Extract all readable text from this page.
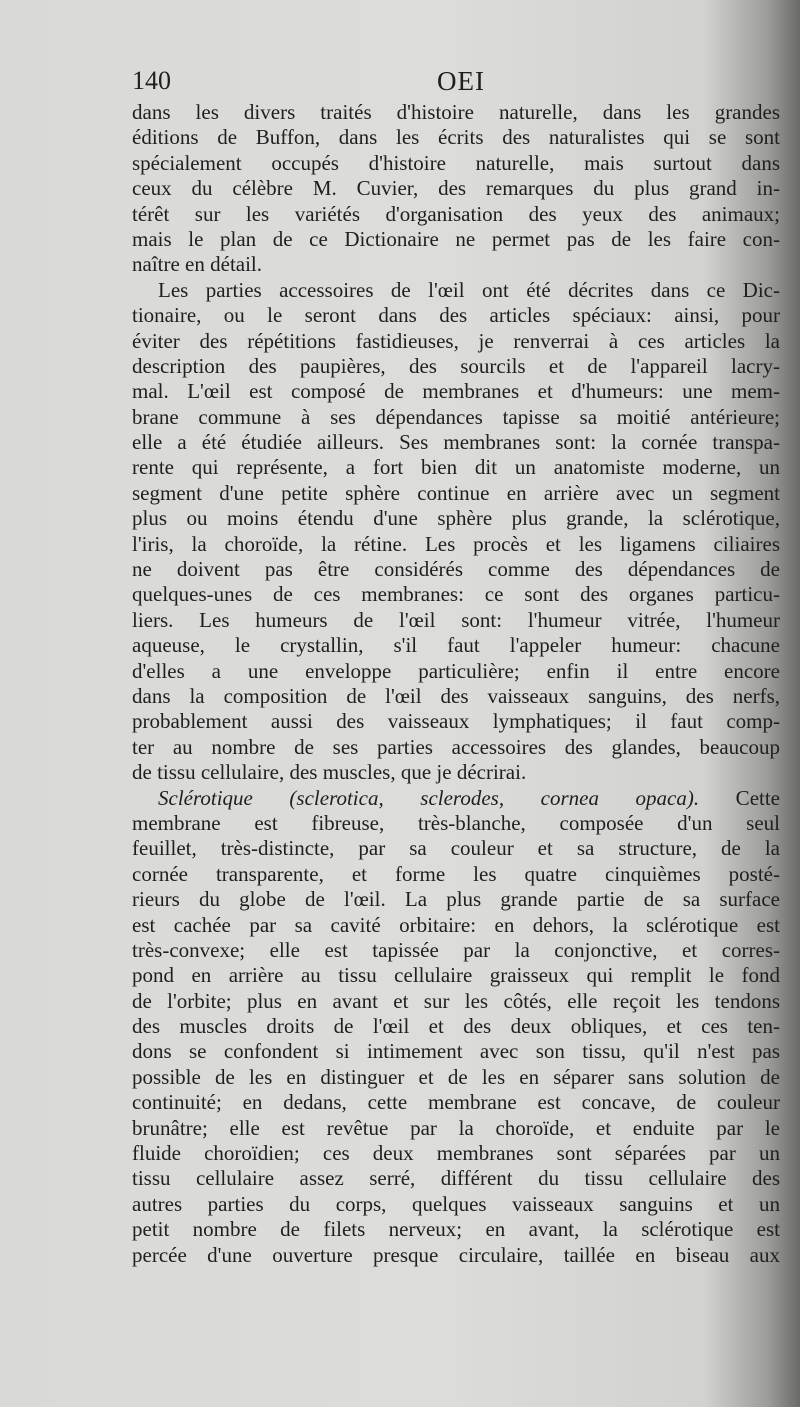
140	OEI
dans les divers traités d'histoire naturelle, dans les grandes
éditions de Buffon, dans les écrits des naturalistes qui se sont
spécialement occupés d'histoire naturelle, mais surtout dans
ceux du célèbre M. Cuvier, des remarques du plus grand in-
térêt sur les variétés d'organisation des yeux des animaux;
mais le plan de ce Dictionaire ne permet pas de les faire con-
naître en détail.
Les parties accessoires de l'œil ont été décrites dans ce Dic-
tionaire, ou le seront dans des articles spéciaux: ainsi, pour
éviter des répétitions fastidieuses, je renverrai à ces articles la
description des paupières, des sourcils et de l'appareil lacry-
mal. L'œil est composé de membranes et d'humeurs: une mem-
brane commune à ses dépendances tapisse sa moitié antérieure;
elle a été étudiée ailleurs. Ses membranes sont: la cornée transpa-
rente qui représente, a fort bien dit un anatomiste moderne, un
segment d'une petite sphère continue en arrière avec un segment
plus ou moins étendu d'une sphère plus grande, la sclérotique,
l'iris, la choroïde, la rétine. Les procès et les ligamens ciliaires
ne doivent pas être considérés comme des dépendances de
quelques-unes de ces membranes: ce sont des organes particu-
liers. Les humeurs de l'œil sont: l'humeur vitrée, l'humeur
aqueuse, le crystallin, s'il faut l'appeler humeur: chacune
d'elles a une enveloppe particulière; enfin il entre encore
dans la composition de l'œil des vaisseaux sanguins, des nerfs,
probablement aussi des vaisseaux lymphatiques; il faut comp-
ter au nombre de ses parties accessoires des glandes, beaucoup
de tissu cellulaire, des muscles, que je décrirai.
Sclérotique (sclerotica, sclerodes, cornea opaca). Cette
membrane est fibreuse, très-blanche, composée d'un seul
feuillet, très-distincte, par sa couleur et sa structure, de la
cornée transparente, et forme les quatre cinquièmes posté-
rieurs du globe de l'œil. La plus grande partie de sa surface
est cachée par sa cavité orbitaire: en dehors, la sclérotique est
très-convexe; elle est tapissée par la conjonctive, et corres-
pond en arrière au tissu cellulaire graisseux qui remplit le fond
de l'orbite; plus en avant et sur les côtés, elle reçoit les tendons
des muscles droits de l'œil et des deux obliques, et ces ten-
dons se confondent si intimement avec son tissu, qu'il n'est pas
possible de les en distinguer et de les en séparer sans solution de
continuité; en dedans, cette membrane est concave, de couleur
brunâtre; elle est revêtue par la choroïde, et enduite par le
fluide choroïdien; ces deux membranes sont séparées par un
tissu cellulaire assez serré, différent du tissu cellulaire des
autres parties du corps, quelques vaisseaux sanguins et un
petit nombre de filets nerveux; en avant, la sclérotique est
percée d'une ouverture presque circulaire, taillée en biseau aux
